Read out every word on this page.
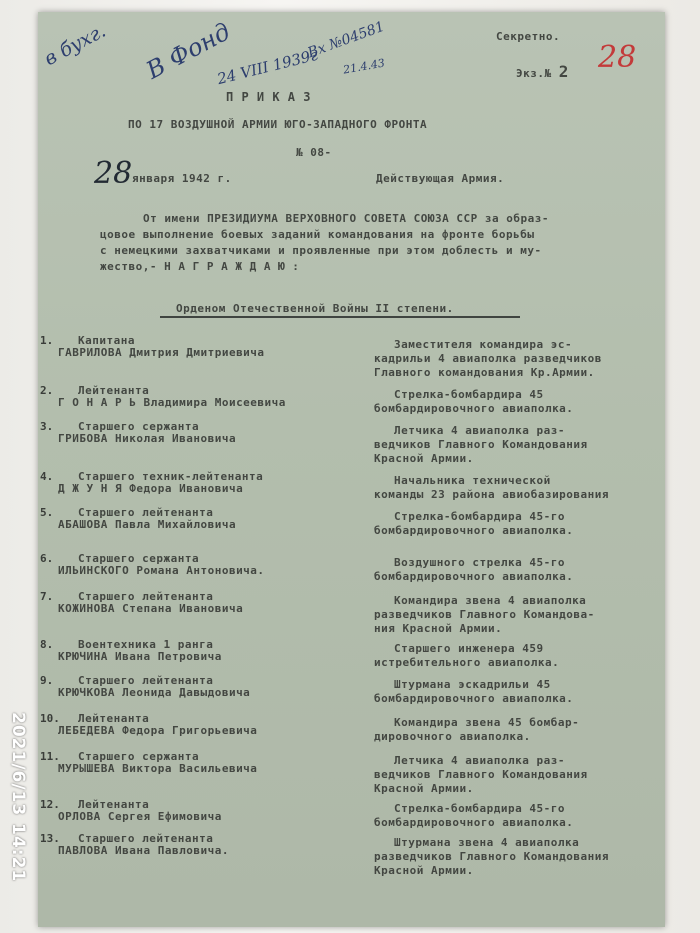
Секретно.
Экз.№ 2 28
в бухг. В Фонд
24 VIII 1939г
Вх №04581
21.4.43
П Р И К А З
ПО 17 ВОЗДУШНОЙ АРМИИ ЮГО-ЗАПАДНОГО ФРОНТА
№ 08-
28 января 1942 г.	Действующая Армия.
От имени ПРЕЗИДИУМА ВЕРХОВНОГО СОВЕТА СОЮЗА ССР за образ-
цовое выполнение боевых заданий командования на фронте борьбы
с немецкими захватчиками и проявленные при этом доблесть и му-
жество,- Н А Г Р А Ж Д А Ю :
Орденом Отечественной Войны II степени.
1. Капитана
ГАВРИЛОВА Дмитрия Дмитриевича
Заместителя командира эс-
кадрильи 4 авиаполка разведчиков
Главного командования Кр.Армии.
2. Лейтенанта
Г О Н А Р Ь Владимира Моисеевича
Стрелка-бомбардира 45
бомбардировочного авиаполка.
3. Старшего сержанта
ГРИБОВА Николая Ивановича
Летчика 4 авиаполка раз-
ведчиков Главного Командования
Красной Армии.
4. Старшего техник-лейтенанта
Д Ж У Н Я Федора Ивановича
Начальника технической
команды 23 района авиобазирования
5. Старшего лейтенанта
АБАШОВА Павла Михайловича
Стрелка-бомбардира 45-го
бомбардировочного авиаполка.
6. Старшего сержанта
ИЛЬИНСКОГО Романа Антоновича.
Воздушного стрелка 45-го
бомбардировочного авиаполка.
7. Старшего лейтенанта
КОЖИНОВА Степана Ивановича
Командира звена 4 авиаполка
разведчиков Главного Командова-
ния Красной Армии.
8. Воентехника 1 ранга
КРЮЧИНА Ивана Петровича
Старшего инженера 459
истребительного авиаполка.
9. Старшего лейтенанта
КРЮЧКОВА Леонида Давыдовича
Штурмана эскадрильи 45
бомбардировочного авиаполка.
10. Лейтенанта
ЛЕБЕДЕВА Федора Григорьевича
Командира звена 45 бомбар-
дировочного авиаполка.
11. Старшего сержанта
МУРЫШЕВА Виктора Васильевича
Летчика 4 авиаполка раз-
ведчиков Главного Командования
Красной Армии.
12. Лейтенанта
ОРЛОВА Сергея Ефимовича
Стрелка-бомбардира 45-го
бомбардировочного авиаполка.
13. Старшего лейтенанта
ПАВЛОВА Ивана Павловича.
Штурмана звена 4 авиаполка
разведчиков Главного Командования
Красной Армии.
2021/6/13 14:21
